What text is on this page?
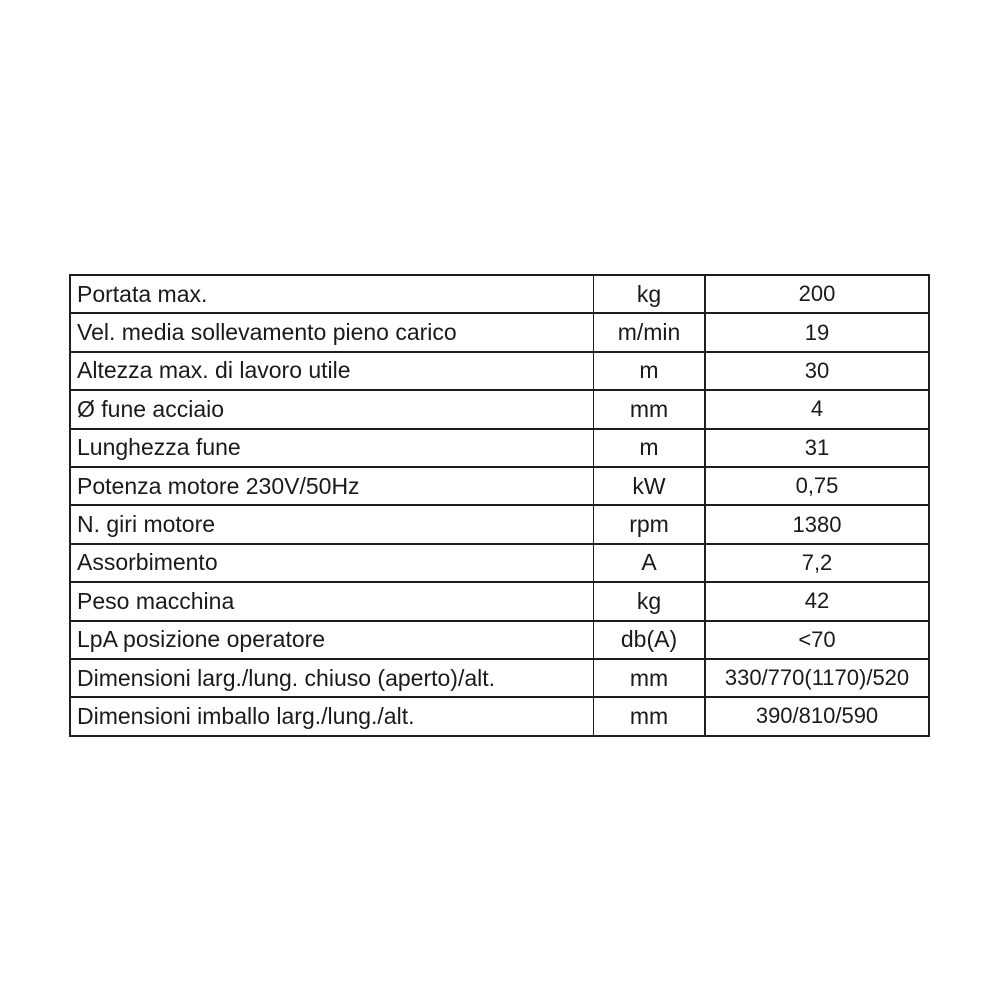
Portata max.	kg	200
Vel. media sollevamento pieno carico	m/min	19
Altezza max. di lavoro utile	m	30
Ø fune acciaio	mm	4
Lunghezza fune	m	31
Potenza motore 230V/50Hz	kW	0,75
N. giri motore	rpm	1380
Assorbimento	A	7,2
Peso macchina	kg	42
LpA posizione operatore	db(A)	<70
Dimensioni larg./lung. chiuso (aperto)/alt.	mm	330/770(1170)/520
Dimensioni imballo larg./lung./alt.	mm	390/810/590
